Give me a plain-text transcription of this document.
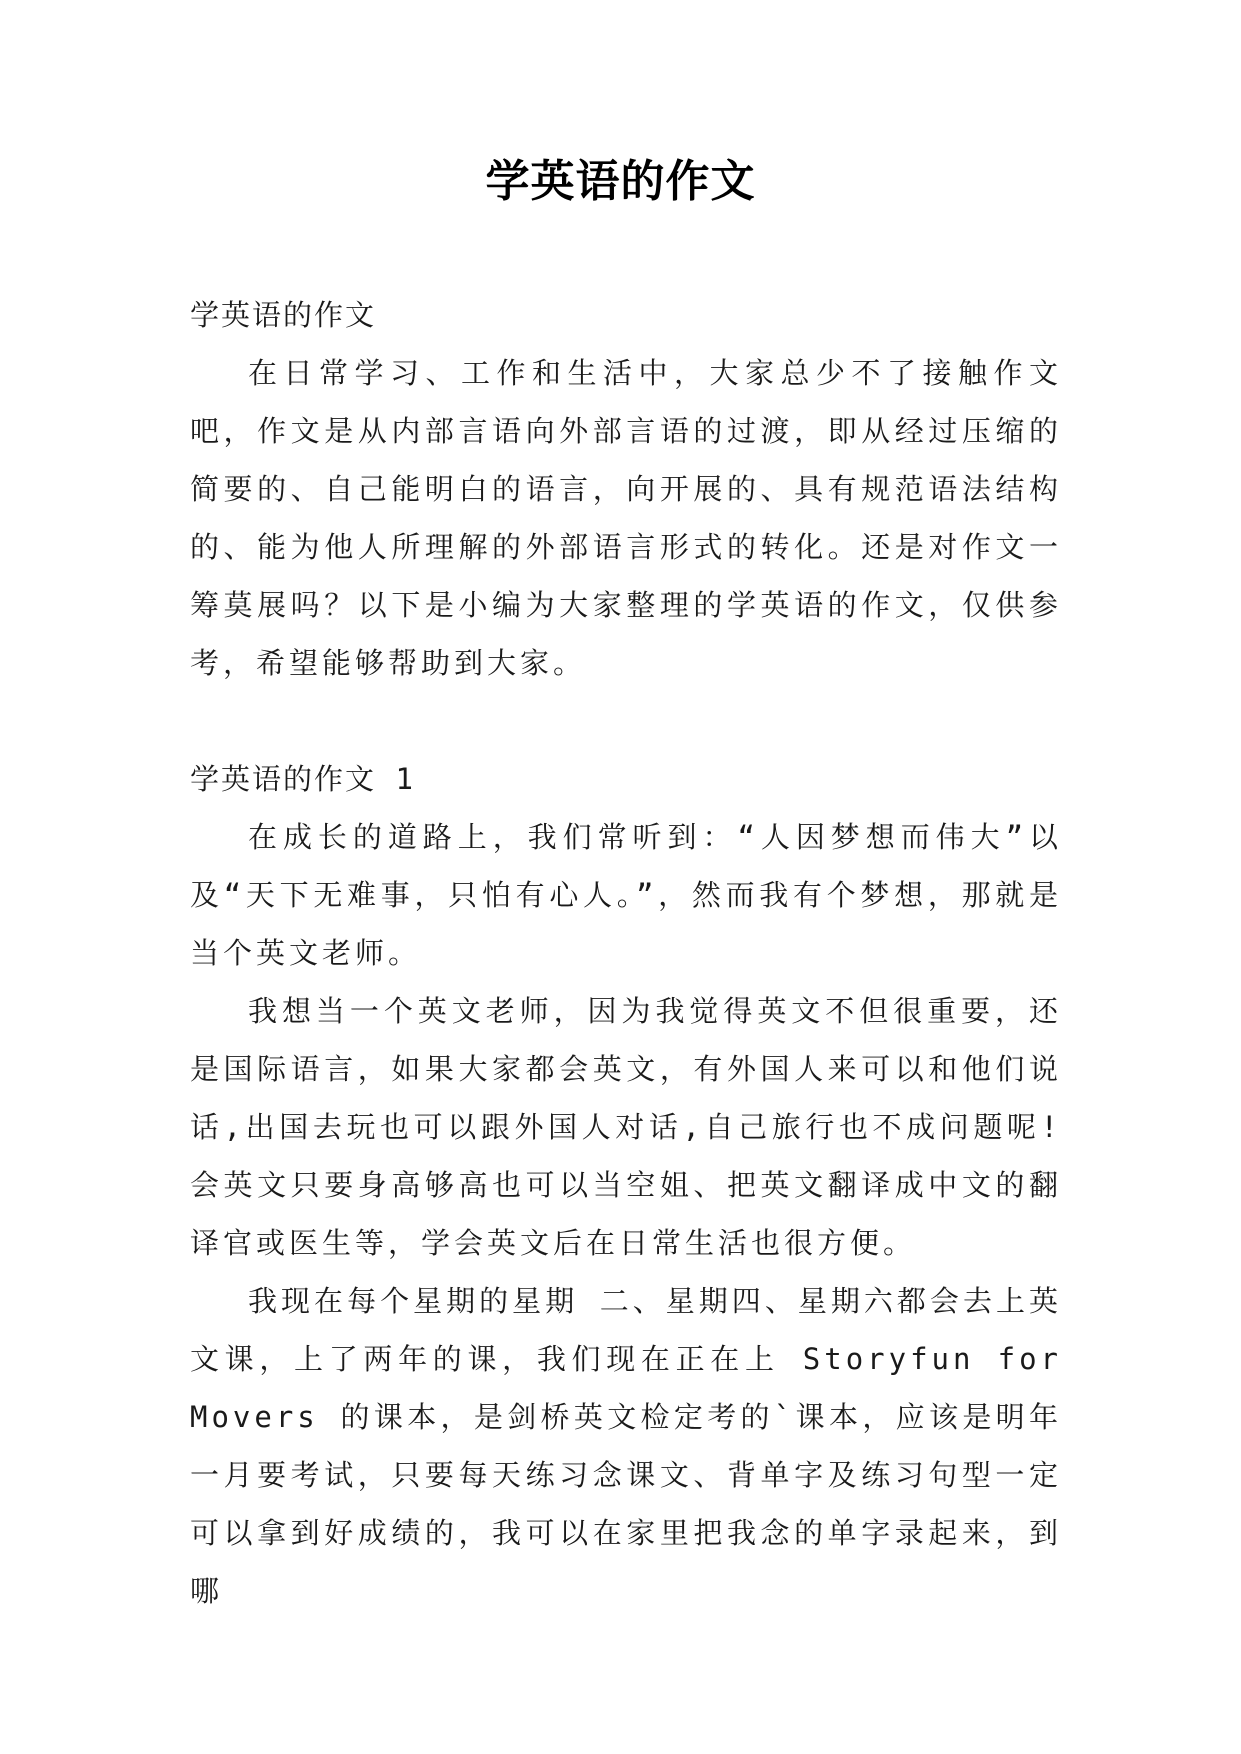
学英语的作文

学英语的作文

在日常学习、工作和生活中，大家总少不了接触作文吧，作文是从内部言语向外部言语的过渡，即从经过压缩的简要的、自己能明白的语言，向开展的、具有规范语法结构的、能为他人所理解的外部语言形式的转化。还是对作文一筹莫展吗？以下是小编为大家整理的学英语的作文，仅供参考，希望能够帮助到大家。

学英语的作文 1

在成长的道路上，我们常听到：“人因梦想而伟大”以及“天下无难事，只怕有心人。”，然而我有个梦想，那就是当个英文老师。

我想当一个英文老师，因为我觉得英文不但很重要，还是国际语言，如果大家都会英文，有外国人来可以和他们说话,出国去玩也可以跟外国人对话,自己旅行也不成问题呢!会英文只要身高够高也可以当空姐、把英文翻译成中文的翻译官或医生等，学会英文后在日常生活也很方便。

我现在每个星期的星期 二、星期四、星期六都会去上英文课，上了两年的课，我们现在正在上 Storyfun for Movers 的课本，是剑桥英文检定考的`课本，应该是明年一月要考试，只要每天练习念课文、背单字及练习句型一定可以拿到好成绩的，我可以在家里把我念的单字录起来，到哪
